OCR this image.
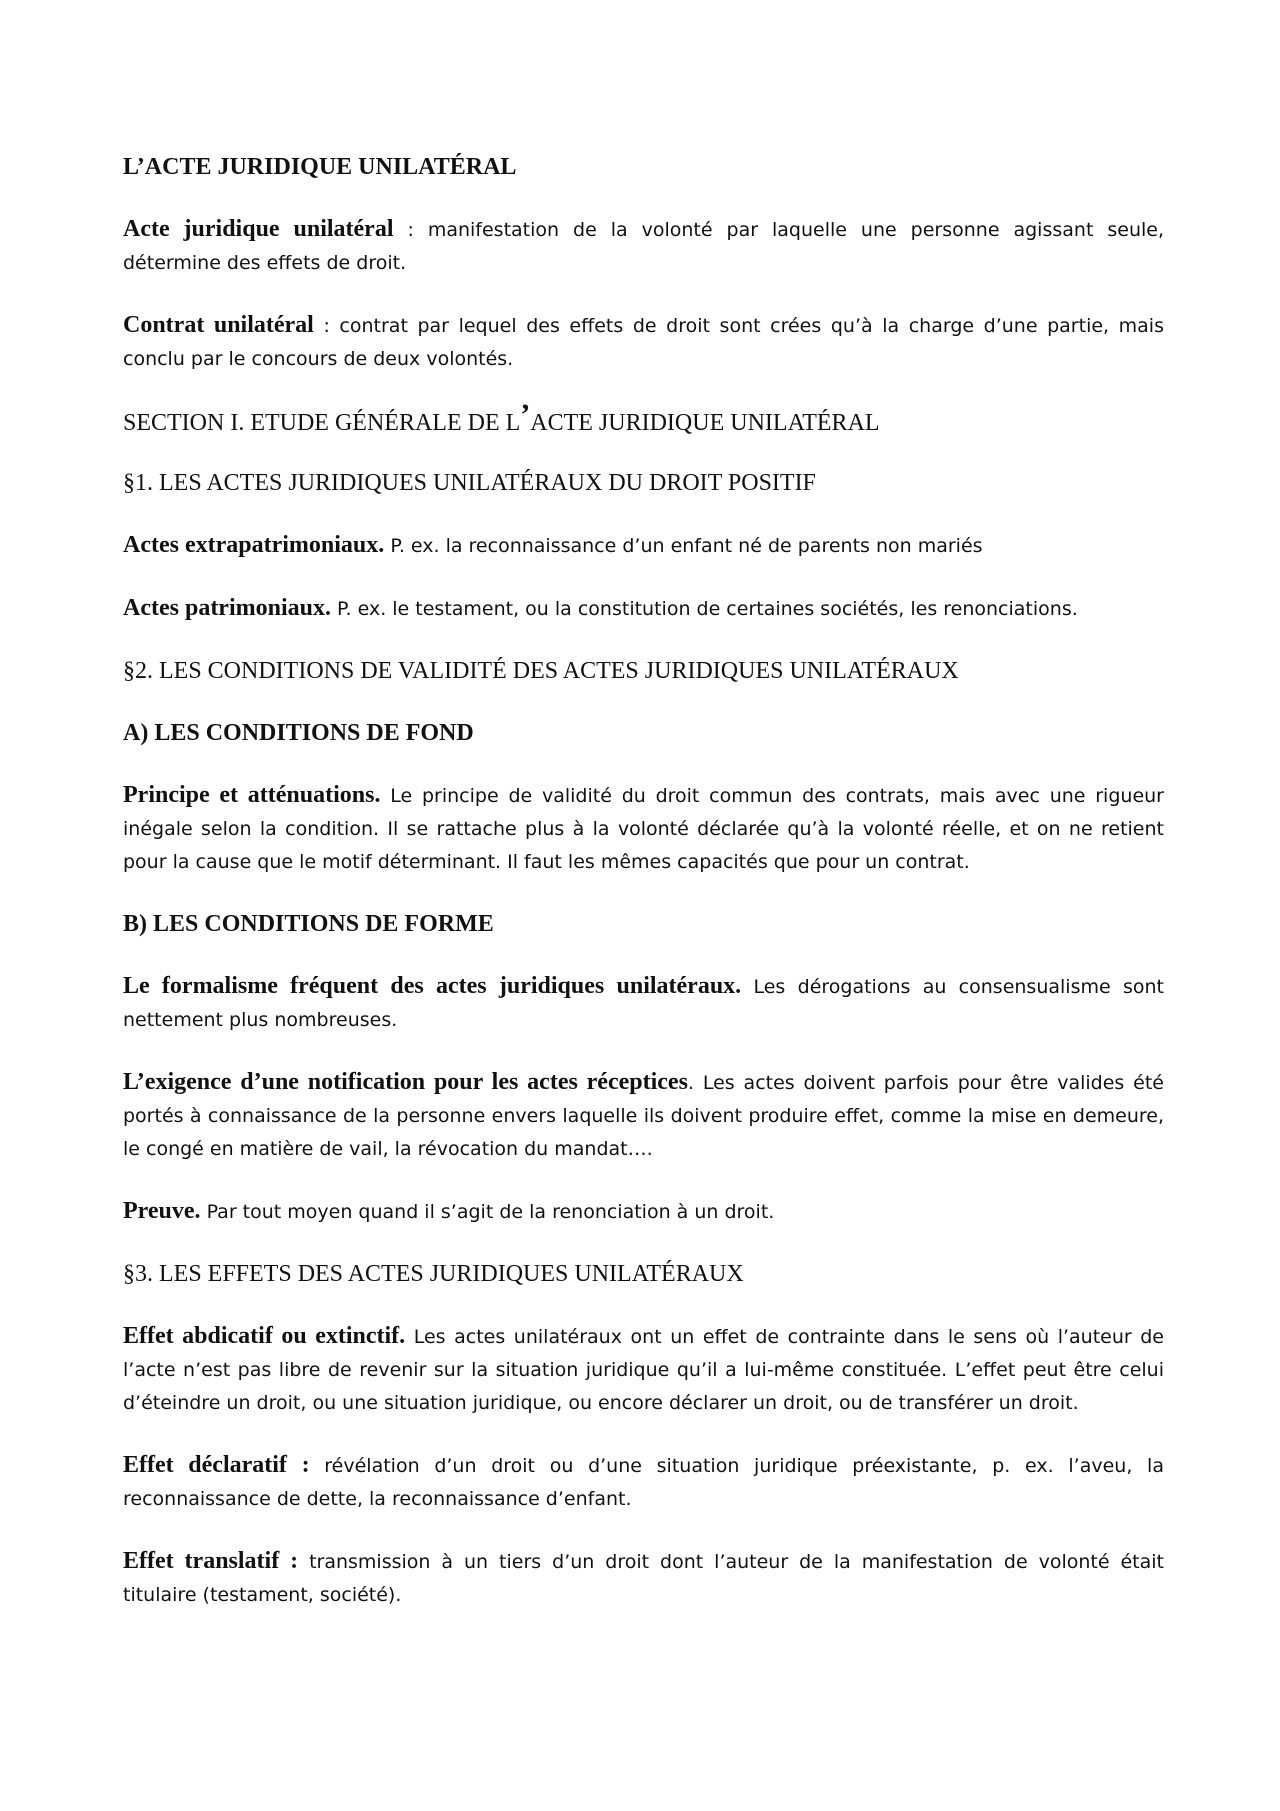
L’ACTE JURIDIQUE UNILATÉRAL

Acte juridique unilatéral : manifestation de la volonté par laquelle une personne agissant seule, détermine des effets de droit.

Contrat unilatéral : contrat par lequel des effets de droit sont crées qu’à la charge d’une partie, mais conclu par le concours de deux volontés.

SECTION I. ETUDE GÉNÉRALE DE L’ACTE JURIDIQUE UNILATÉRAL
§1. LES ACTES JURIDIQUES UNILATÉRAUX DU DROIT POSITIF

Actes extrapatrimoniaux. P. ex. la reconnaissance d’un enfant né de parents non mariés

Actes patrimoniaux. P. ex. le testament, ou la constitution de certaines sociétés, les renonciations.

§2. LES CONDITIONS DE VALIDITÉ DES ACTES JURIDIQUES UNILATÉRAUX
A) LES CONDITIONS DE FOND

Principe et atténuations. Le principe de validité du droit commun des contrats, mais avec une rigueur inégale selon la condition. Il se rattache plus à la volonté déclarée qu’à la volonté réelle, et on ne retient pour la cause que le motif déterminant. Il faut les mêmes capacités que pour un contrat.

B) LES CONDITIONS DE FORME

Le formalisme fréquent des actes juridiques unilatéraux. Les dérogations au consensualisme sont nettement plus nombreuses.

L’exigence d’une notification pour les actes réceptices. Les actes doivent parfois pour être valides été portés à connaissance de la personne envers laquelle ils doivent produire effet, comme la mise en demeure, le congé en matière de vail, la révocation du mandat….

Preuve. Par tout moyen quand il s’agit de la renonciation à un droit.

§3. LES EFFETS DES ACTES JURIDIQUES UNILATÉRAUX

Effet abdicatif ou extinctif. Les actes unilatéraux ont un effet de contrainte dans le sens où l’auteur de l’acte n’est pas libre de revenir sur la situation juridique qu’il a lui-même constituée. L’effet peut être celui d’éteindre un droit, ou une situation juridique, ou encore déclarer un droit, ou de transférer un droit.

Effet déclaratif : révélation d’un droit ou d’une situation juridique préexistante, p. ex. l’aveu, la reconnaissance de dette, la reconnaissance d’enfant.

Effet translatif : transmission à un tiers d’un droit dont l’auteur de la manifestation de volonté était titulaire (testament, société).
